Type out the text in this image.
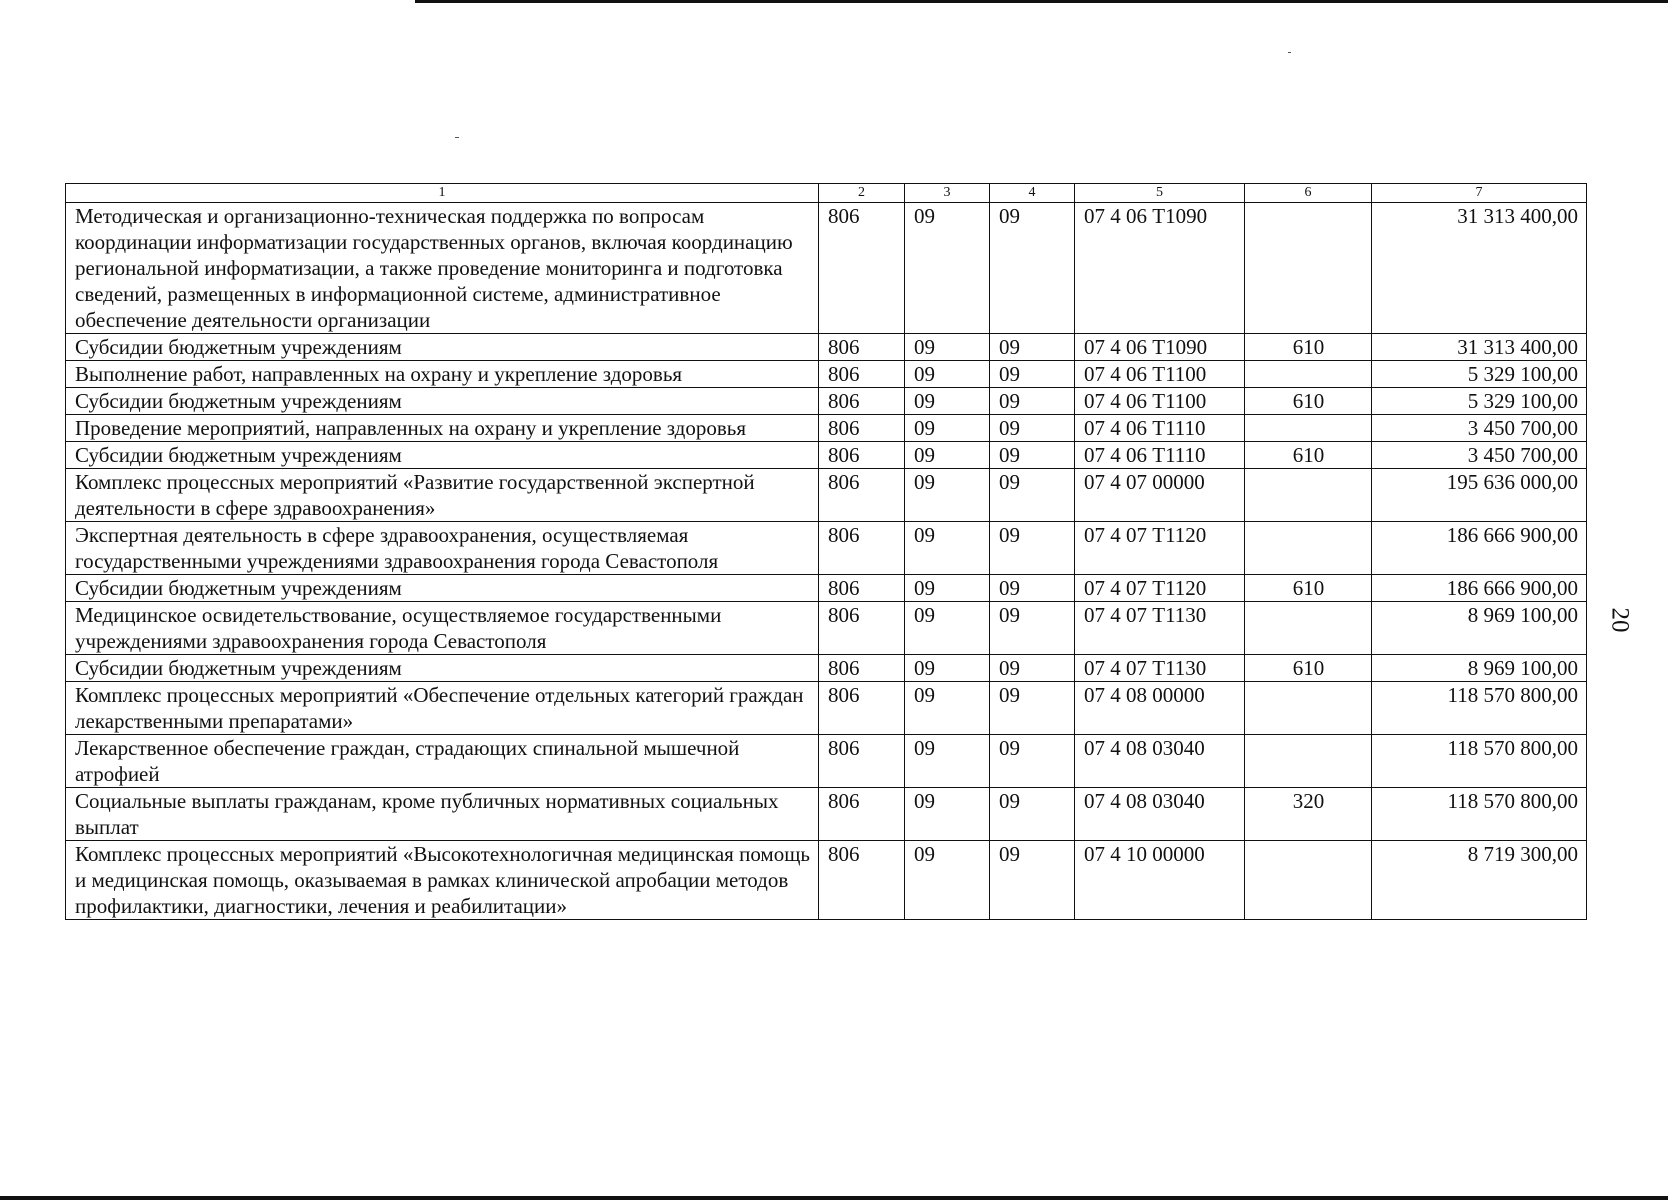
1	2	3	4	5	6	7
Методическая и организационно-техническая поддержка по вопросам координации информатизации государственных органов, включая координацию региональной информатизации, а также проведение мониторинга и подготовка сведений, размещенных в информационной системе, административное обеспечение деятельности организации	806	09	09	07 4 06 Т1090		31 313 400,00
Субсидии бюджетным учреждениям	806	09	09	07 4 06 Т1090	610	31 313 400,00
Выполнение работ, направленных на охрану и укрепление здоровья	806	09	09	07 4 06 Т1100		5 329 100,00
Субсидии бюджетным учреждениям	806	09	09	07 4 06 Т1100	610	5 329 100,00
Проведение мероприятий, направленных на охрану и укрепление здоровья	806	09	09	07 4 06 Т1110		3 450 700,00
Субсидии бюджетным учреждениям	806	09	09	07 4 06 Т1110	610	3 450 700,00
Комплекс процессных мероприятий «Развитие государственной экспертной деятельности в сфере здравоохранения»	806	09	09	07 4 07 00000		195 636 000,00
Экспертная деятельность в сфере здравоохранения, осуществляемая государственными учреждениями здравоохранения города Севастополя	806	09	09	07 4 07 Т1120		186 666 900,00
Субсидии бюджетным учреждениям	806	09	09	07 4 07 Т1120	610	186 666 900,00
Медицинское освидетельствование, осуществляемое государственными учреждениями здравоохранения города Севастополя	806	09	09	07 4 07 Т1130		8 969 100,00
Субсидии бюджетным учреждениям	806	09	09	07 4 07 Т1130	610	8 969 100,00
Комплекс процессных мероприятий «Обеспечение отдельных категорий граждан лекарственными препаратами»	806	09	09	07 4 08 00000		118 570 800,00
Лекарственное обеспечение граждан, страдающих спинальной мышечной атрофией	806	09	09	07 4 08 03040		118 570 800,00
Социальные выплаты гражданам, кроме публичных нормативных социальных выплат	806	09	09	07 4 08 03040	320	118 570 800,00
Комплекс процессных мероприятий «Высокотехнологичная медицинская помощь и медицинская помощь, оказываемая в рамках клинической апробации методов профилактики, диагностики, лечения и реабилитации»	806	09	09	07 4 10 00000		8 719 300,00
20
